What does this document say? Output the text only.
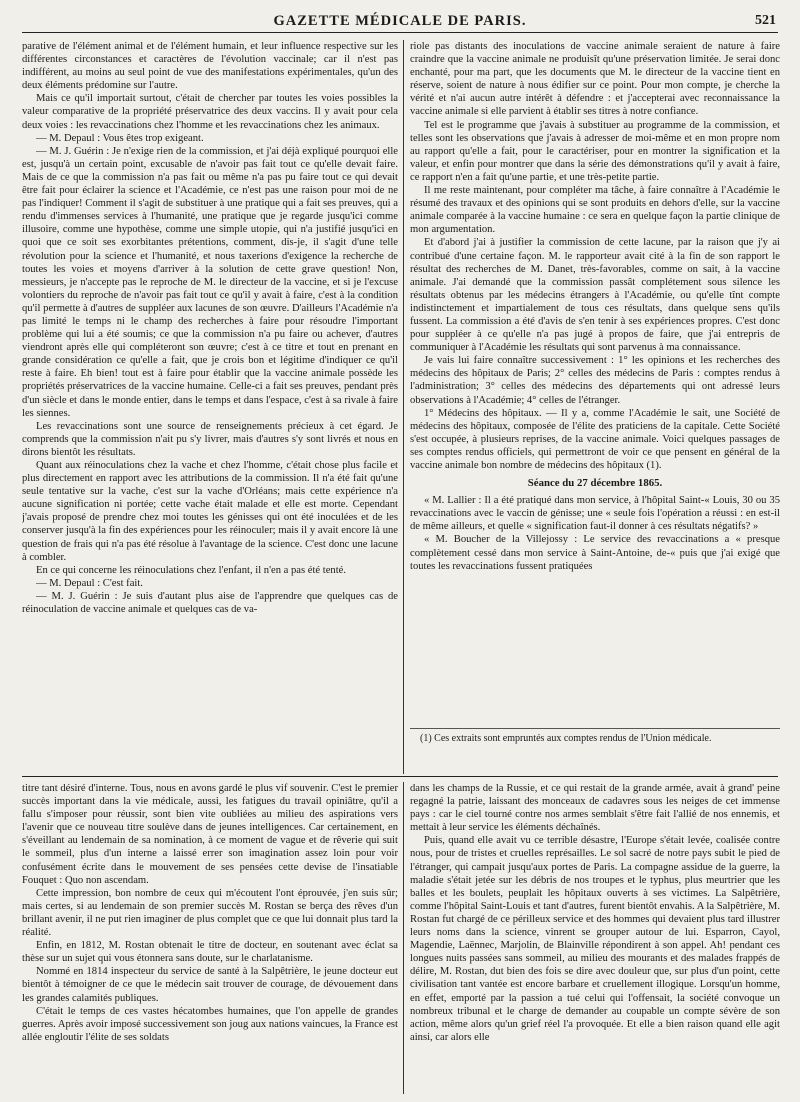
GAZETTE MÉDICALE DE PARIS.	521

parative de l'élément animal et de l'élément humain, et leur influence respective sur les différentes circonstances et caractères de l'évolution vaccinale; car il n'est pas indifférent, au moins au seul point de vue des manifestations expérimentales, qu'un des deux éléments prédomine sur l'autre.

Mais ce qu'il importait surtout, c'était de chercher par toutes les voies possibles la valeur comparative de la propriété préservatrice des deux vaccins. Il y avait pour cela deux voies : les revaccinations chez l'homme et les revaccinations chez les animaux.

— M. Depaul : Vous êtes trop exigeant.

— M. J. Guérin : Je n'exige rien de la commission, et j'ai déjà expliqué pourquoi elle est, jusqu'à un certain point, excusable de n'avoir pas fait tout ce qu'elle devait faire. Mais de ce que la commission n'a pas fait ou même n'a pas pu faire tout ce qui devait être fait pour éclairer la science et l'Académie, ce n'est pas une raison pour moi de ne pas l'indiquer! Comment il s'agit de substituer à une pratique qui a fait ses preuves, qui a rendu d'immenses services à l'humanité, une pratique que je regarde jusqu'ici comme illusoire, comme une hypothèse, comme une simple utopie, qui n'a justifié jusqu'ici en quoi que ce soit ses exorbitantes prétentions, comment, dis-je, il s'agit d'une telle révolution pour la science et l'humanité, et nous taxerions d'exigence la recherche de toutes les voies et moyens d'arriver à la solution de cette grave question! Non, messieurs, je n'accepte pas le reproche de M. le directeur de la vaccine, et si je l'excuse volontiers du reproche de n'avoir pas fait tout ce qu'il y avait à faire, c'est à la condition qu'il permette à d'autres de suppléer aux lacunes de son œuvre. D'ailleurs l'Académie n'a pas limité le temps ni le champ des recherches à faire pour résoudre l'important problème qui lui a été soumis; ce que la commission n'a pu faire ou achever, d'autres viendront après elle qui compléteront son œuvre; c'est à ce titre et tout en prenant en grande considération ce qu'elle a fait, que je crois bon et légitime d'indiquer ce qu'il reste à faire. Eh bien! tout est à faire pour établir que la vaccine animale possède les propriétés préservatrices de la vaccine humaine. Celle-ci a fait ses preuves, pendant près d'un siècle et dans le monde entier, dans le temps et dans l'espace, c'est à sa rivale à faire les siennes.

Les revaccinations sont une source de renseignements précieux à cet égard. Je comprends que la commission n'ait pu s'y livrer, mais d'autres s'y sont livrés et nous en dirons bientôt les résultats.

Quant aux réinoculations chez la vache et chez l'homme, c'était chose plus facile et plus directement en rapport avec les attributions de la commission. Il n'a été fait qu'une seule tentative sur la vache, c'est sur la vache d'Orléans; mais cette expérience n'a aucune signification ni portée; cette vache était malade et elle est morte. Cependant j'avais proposé de prendre chez moi toutes les génisses qui ont été inoculées et de les conserver jusqu'à la fin des expériences pour les réinoculer; mais il y avait encore là une question de frais qui n'a pas été résolue à l'avantage de la science. C'est donc une lacune à combler.

En ce qui concerne les réinoculations chez l'enfant, il n'en a pas été tenté.

— M. Depaul : C'est fait.

— M. J. Guérin : Je suis d'autant plus aise de l'apprendre que quelques cas de réinoculation de vaccine animale et quelques cas de va-

riole pas distants des inoculations de vaccine animale seraient de nature à faire craindre que la vaccine animale ne produisît qu'une préservation limitée. Je serai donc enchanté, pour ma part, que les documents que M. le directeur de la vaccine tient en réserve, soient de nature à nous édifier sur ce point. Pour mon compte, je cherche la vérité et n'ai aucun autre intérêt à défendre : et j'accepterai avec reconnaissance la vaccine animale si elle parvient à établir ses titres à notre confiance.

Tel est le programme que j'avais à substituer au programme de la commission, et telles sont les observations que j'avais à adresser de moi-même et en mon propre nom au rapport qu'elle a fait, pour le caractériser, pour en montrer la signification et la valeur, et enfin pour montrer que dans la série des démonstrations qu'il y avait à faire, ce rapport n'en a fait qu'une partie, et une très-petite partie.

Il me reste maintenant, pour compléter ma tâche, à faire connaître à l'Académie le résumé des travaux et des opinions qui se sont produits en dehors d'elle, sur la vaccine animale comparée à la vaccine humaine : ce sera en quelque façon la partie clinique de mon argumentation.

Et d'abord j'ai à justifier la commission de cette lacune, par la raison que j'y ai contribué d'une certaine façon. M. le rapporteur avait cité à la fin de son rapport le résultat des recherches de M. Danet, très-favorables, comme on sait, à la vaccine animale. J'ai demandé que la commission passât complétement sous silence les résultats obtenus par les médecins étrangers à l'Académie, ou qu'elle tînt compte indistinctement et impartialement de tous ces résultats, dans quelque sens qu'ils fussent. La commission a été d'avis de s'en tenir à ses expériences propres. C'est donc pour suppléer à ce qu'elle n'a pas jugé à propos de faire, que j'ai entrepris de communiquer à l'Académie les résultats qui sont parvenus à ma connaissance.

Je vais lui faire connaître successivement : 1° les opinions et les recherches des médecins des hôpitaux de Paris; 2° celles des médecins de Paris : comptes rendus à l'administration; 3° celles des médecins des départements qui ont adressé leurs observations à l'Académie; 4° celles de l'étranger.

1° Médecins des hôpitaux. — Il y a, comme l'Académie le sait, une Société de médecins des hôpitaux, composée de l'élite des praticiens de la capitale. Cette Société s'est occupée, à plusieurs reprises, de la vaccine animale. Voici quelques passages de ses comptes rendus officiels, qui permettront de voir ce que pensent en général de la vaccine animale bon nombre de médecins des hôpitaux (1).

Séance du 27 décembre 1865.

« M. Lallier : Il a été pratiqué dans mon service, à l'hôpital Saint-« Louis, 30 ou 35 revaccinations avec le vaccin de génisse; une « seule fois l'opération a réussi : en est-il de même ailleurs, et quelle « signification faut-il donner à ces résultats négatifs? »

« M. Boucher de la Villejossy : Le service des revaccinations a « presque complètement cessé dans mon service à Saint-Antoine, de-« puis que j'ai exigé que toutes les revaccinations fussent pratiquées

(1) Ces extraits sont empruntés aux comptes rendus de l'Union médicale.

titre tant désiré d'interne. Tous, nous en avons gardé le plus vif souvenir. C'est le premier succès important dans la vie médicale, aussi, les fatigues du travail opiniâtre, qu'il a fallu s'imposer pour réussir, sont bien vite oubliées au milieu des aspirations vers l'avenir que ce nouveau titre soulève dans de jeunes intelligences. Car certainement, en s'éveillant au lendemain de sa nomination, à ce moment de vague et de rêverie qui suit le sommeil, plus d'un interne a laissé errer son imagination assez loin pour voir confusément écrite dans le mouvement de ses pensées cette devise de l'insatiable Fouquet : Quo non ascendam.

Cette impression, bon nombre de ceux qui m'écoutent l'ont éprouvée, j'en suis sûr; mais certes, si au lendemain de son premier succès M. Rostan se berça des rêves d'un brillant avenir, il ne put rien imaginer de plus complet que ce que lui donnait plus tard la réalité.

Enfin, en 1812, M. Rostan obtenait le titre de docteur, en soutenant avec éclat sa thèse sur un sujet qui vous étonnera sans doute, sur le charlatanisme.

Nommé en 1814 inspecteur du service de santé à la Salpêtrière, le jeune docteur eut bientôt à témoigner de ce que le médecin sait trouver de courage, de dévouement dans les grandes calamités publiques.

C'était le temps de ces vastes hécatombes humaines, que l'on appelle de grandes guerres. Après avoir imposé successivement son joug aux nations vaincues, la France est allée engloutir l'élite de ses soldats

dans les champs de la Russie, et ce qui restait de la grande armée, avait à grand' peine regagné la patrie, laissant des monceaux de cadavres sous les neiges de cet immense pays : car le ciel tourné contre nos armes semblait s'être fait l'allié de nos ennemis, et mettait à leur service les éléments déchaînés.

Puis, quand elle avait vu ce terrible désastre, l'Europe s'était levée, coalisée contre nous, pour de tristes et cruelles représailles. Le sol sacré de notre pays subit le pied de l'étranger, qui campait jusqu'aux portes de Paris. La compagne assidue de la guerre, la maladie s'était jetée sur les débris de nos troupes et le typhus, plus meurtrier que les balles et les boulets, peuplait les hôpitaux ouverts à ses victimes. La Salpêtrière, comme l'hôpital Saint-Louis et tant d'autres, furent bientôt envahis. A la Salpêtrière, M. Rostan fut chargé de ce périlleux service et des hommes qui devaient plus tard illustrer leurs noms dans la science, vinrent se grouper autour de lui. Esparron, Cayol, Magendie, Laënnec, Marjolin, de Blainville répondirent à son appel. Ah! pendant ces longues nuits passées sans sommeil, au milieu des mourants et des malades frappés de délire, M. Rostan, dut bien des fois se dire avec douleur que, sur plus d'un point, cette civilisation tant vantée est encore barbare et cruellement illogique. Lorsqu'un homme, en effet, emporté par la passion a tué celui qui l'offensait, la société convoque un nombreux tribunal et le charge de demander au coupable un compte sévère de son action, même alors qu'un grief réel l'a provoquée. Et elle a bien raison quand elle agit ainsi, car alors elle
